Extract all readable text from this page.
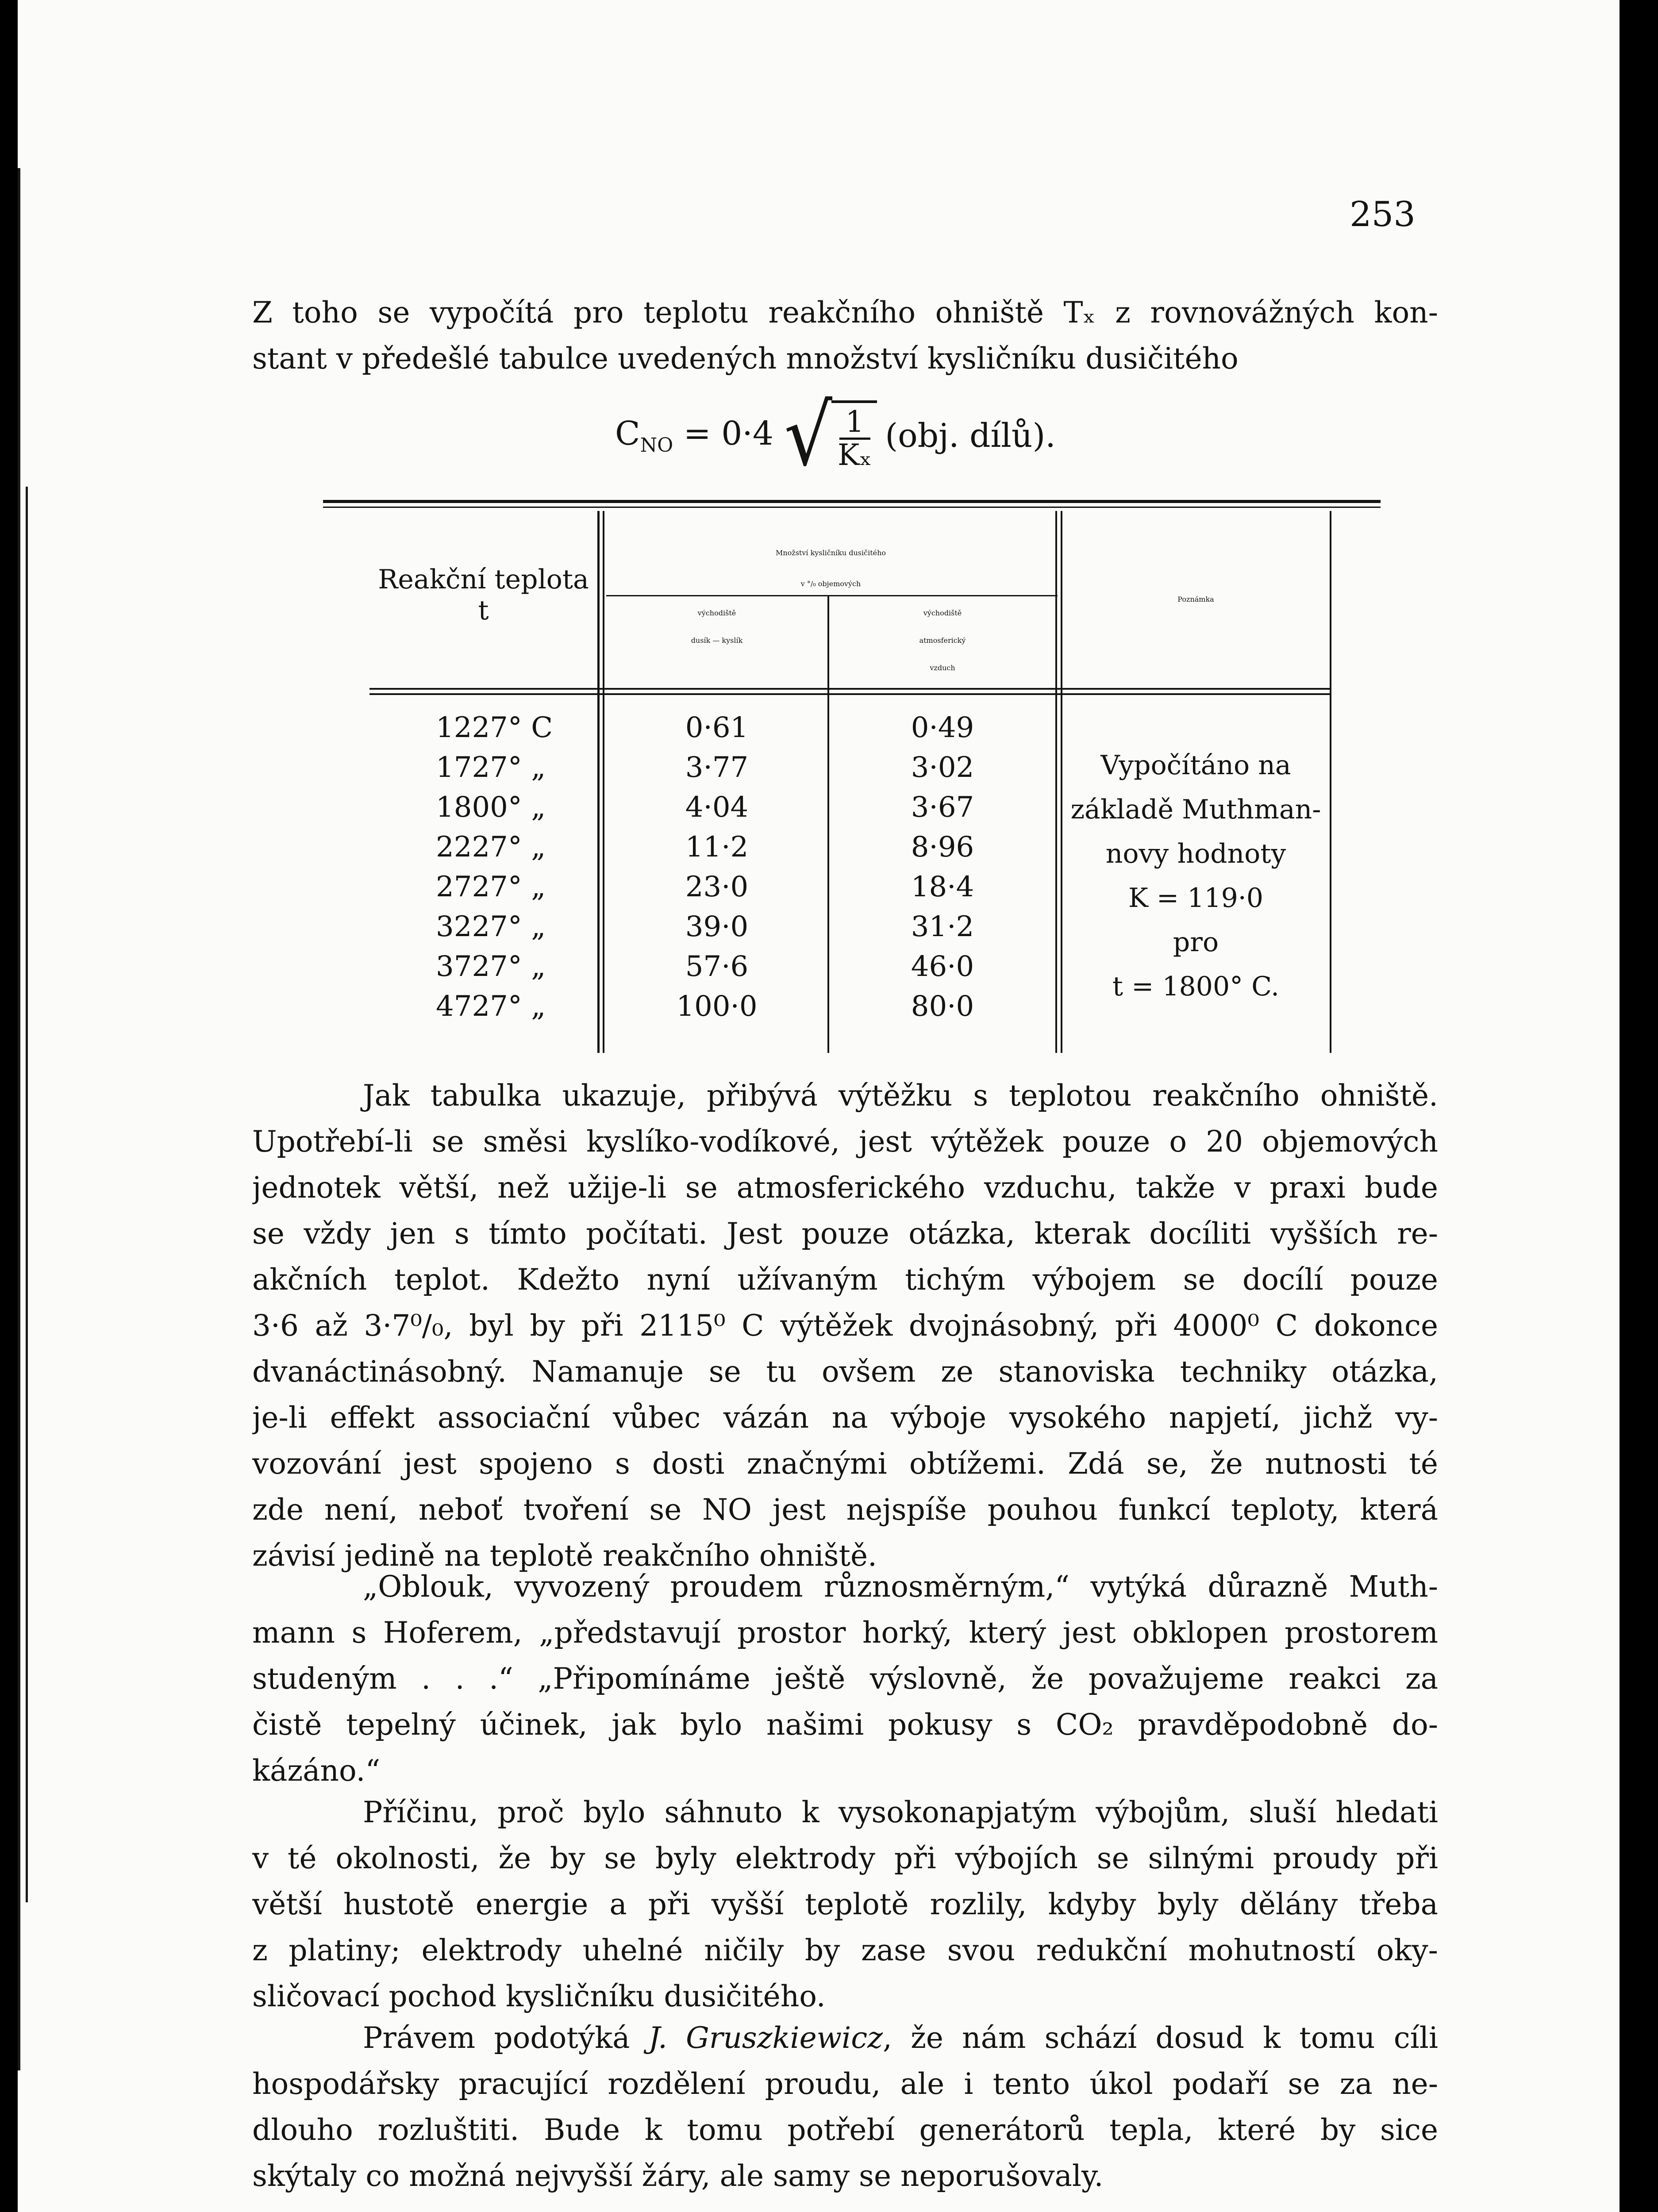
253
Z toho se vypočítá pro teplotu reakčního ohniště Tₓ z rovnovážných kon-
stant v předešlé tabulce uvedených množství kysličníku dusičitého
$C_{NO} = 0\cdot 4$ √
$\frac{1}{\text{Kₓ}} (obj$. dílů).
Reakční teplota
t
Množství kysličníku dusičitého
v °/₀ objemových
východiště
dusík — kyslík
východiště
atmosferický
vzduch
Poznámka
1227° C
1727° „
1800° „
2227° „
2727° „
3227° „
3727° „
4727° „
0·61
3·77
4·04
11·2
23·0
39·0
57·6
100·0
0·49
3·02
3·67
8·96
18·4
31·2
46·0
80·0
Vypočítáno na
základě Muthman-
novy hodnoty
K = 119·0
pro
t = 1800° C.
Jak tabulka ukazuje, přibývá výtěžku s teplotou reakčního ohniště.
Upotřebí-li se směsi kyslíko-vodíkové, jest výtěžek pouze o 20 objemových
jednotek větší, než užije-li se atmosferického vzduchu, takže v praxi bude
se vždy jen s tímto počítati. Jest pouze otázka, kterak docíliti vyšších re-
akčních teplot. Kdežto nyní užívaným tichým výbojem se docílí pouze
3·6 až 3·7⁰/₀, byl by při 2115⁰ C výtěžek dvojnásobný, při 4000⁰ C dokonce
dvanáctinásobný. Namanuje se tu ovšem ze stanoviska techniky otázka,
je-li effekt associační vůbec vázán na výboje vysokého napjetí, jichž vy-
vozování jest spojeno s dosti značnými obtížemi. Zdá se, že nutnosti té
zde není, neboť tvoření se NO jest nejspíše pouhou funkcí teploty, která
závisí jedině na teplotě reakčního ohniště.
„Oblouk, vyvozený proudem různosměrným,“ vytýká důrazně Muth-
mann s Hoferem, „představují prostor horký, který jest obklopen prostorem
studeným . . .“ „Připomínáme ještě výslovně, že považujeme reakci za
čistě tepelný účinek, jak bylo našimi pokusy s CO₂ pravděpodobně do-
kázáno.“
Příčinu, proč bylo sáhnuto k vysokonapjatým výbojům, sluší hledati
v té okolnosti, že by se byly elektrody při výbojích se silnými proudy při
větší hustotě energie a při vyšší teplotě rozlily, kdyby byly dělány třeba
z platiny; elektrody uhelné ničily by zase svou redukční mohutností oky-
sličovací pochod kysličníku dusičitého.
Právem podotýká J. Gruszkiewicz, že nám schází dosud k tomu cíli
hospodářsky pracující rozdělení proudu, ale i tento úkol podaří se za ne-
dlouho rozluštiti. Bude k tomu potřebí generátorů tepla, které by sice
skýtaly co možná nejvyšší žáry, ale samy se neporušovaly.
